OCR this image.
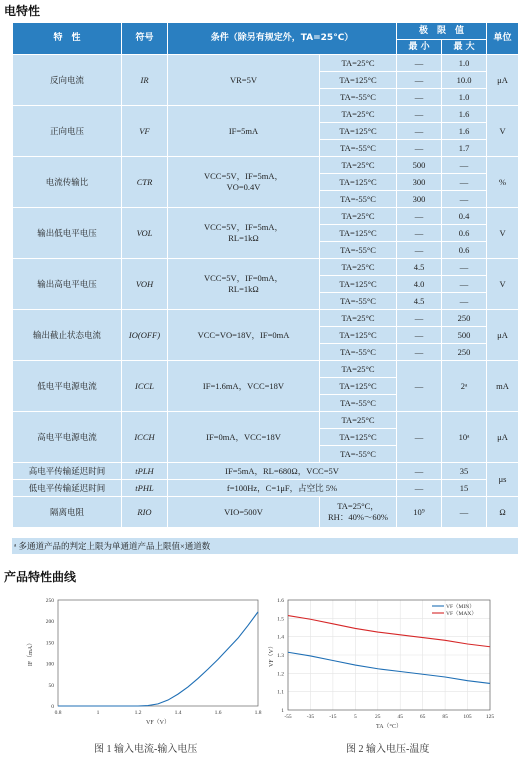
电特性
特　性	符号	条件（除另有规定外，TA=25°C）		极　限　值		单位
				最 小	最 大	
反向电流	IR	VR=5V	TA=25°C	—	1.0	μA
			TA=125°C	—	10.0	
			TA=-55°C	—	1.0	
正向电压	VF	IF=5mA	TA=25°C	—	1.6	V
			TA=125°C	—	1.6	
			TA=-55°C	—	1.7	
电流传输比	CTR	VCC=5V，IF=5mA，
VO=0.4V	TA=25°C	500	—	%
			TA=125°C	300	—	
			TA=-55°C	300	—	
输出低电平电压	VOL	VCC=5V，IF=5mA，
RL=1kΩ	TA=25°C	—	0.4	V
			TA=125°C	—	0.6	
			TA=-55°C	—	0.6	
输出高电平电压	VOH	VCC=5V，IF=0mA，
RL=1kΩ	TA=25°C	4.5	—	V
			TA=125°C	4.0	—	
			TA=-55°C	4.5	—	
输出截止状态电流	IO(OFF)	VCC=VO=18V，IF=0mA	TA=25°C	—	250	μA
			TA=125°C	—	500	
			TA=-55°C	—	250	
低电平电源电流	ICCL	IF=1.6mA，VCC=18V	TA=25°C	—	2ᵃ	mA
			TA=125°C			
			TA=-55°C			
高电平电源电流	ICCH	IF=0mA，VCC=18V	TA=25°C	—	10ᵃ	μA
			TA=125°C			
			TA=-55°C			
高电平传输延迟时间	tPLH	IF=5mA，RL=680Ω，VCC=5V		—	35	μs
低电平传输延迟时间	tPHL	f=100Hz，C=1μF，占空比 5%		—	15	
隔离电阻	RIO	VIO=500V	TA=25°C，
RH：40%～60%	10⁹	—	Ω
ᵃ 多通道产品的判定上限为单通道产品上限值×通道数
产品特性曲线
0
50
100
150
200
250
0.8	1	1.2	1.4	1.6	1.8
VF（V）
IF（mA）
1
1.1
1.2
1.3
1.4
1.5
1.6
-55	-35	-15	5	25	45	65	85	105	125
TA（°C）
VF（V）
VF（MIN）
VF（MAX）
图 1 输入电流-输入电压	图 2 输入电压-温度
